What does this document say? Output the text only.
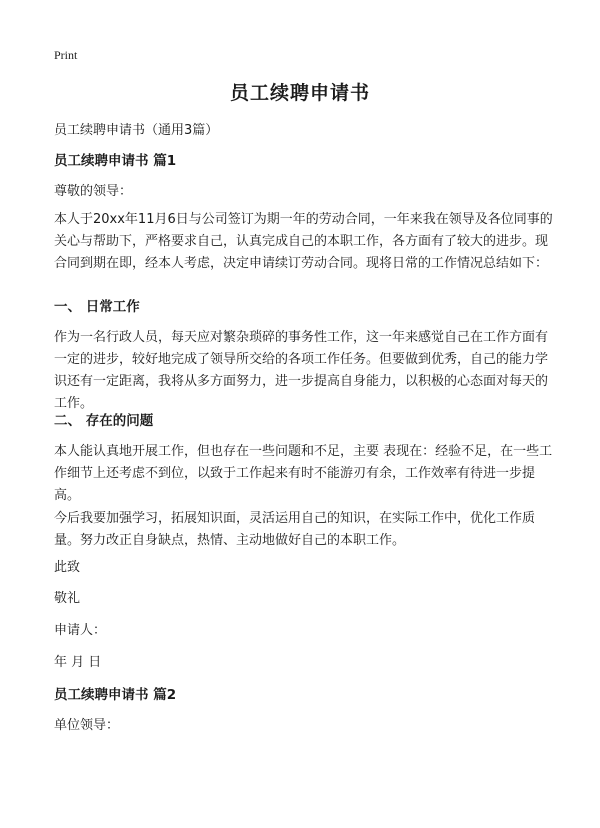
Print
员工续聘申请书
员工续聘申请书（通用3篇）
员工续聘申请书 篇1
尊敬的领导：
本人于20xx年11月6日与公司签订为期一年的劳动合同，一年来我在领导及各位同事的关心与帮助下，严格要求自己，认真完成自己的本职工作，各方面有了较大的进步。现合同到期在即，经本人考虑，决定申请续订劳动合同。现将日常的工作情况总结如下：
一、 日常工作
作为一名行政人员，每天应对繁杂琐碎的事务性工作，这一年来感觉自己在工作方面有一定的进步，较好地完成了领导所交给的各项工作任务。但要做到优秀，自己的能力学识还有一定距离，我将从多方面努力，进一步提高自身能力，以积极的心态面对每天的工作。
二、 存在的问题
本人能认真地开展工作，但也存在一些问题和不足，主要 表现在：经验不足，在一些工作细节上还考虑不到位，以致于工作起来有时不能游刃有余，工作效率有待进一步提高。
今后我要加强学习，拓展知识面，灵活运用自己的知识，在实际工作中，优化工作质量。努力改正自身缺点，热情、主动地做好自己的本职工作。
此致
敬礼
申请人：
年 月 日
员工续聘申请书 篇2
单位领导：
